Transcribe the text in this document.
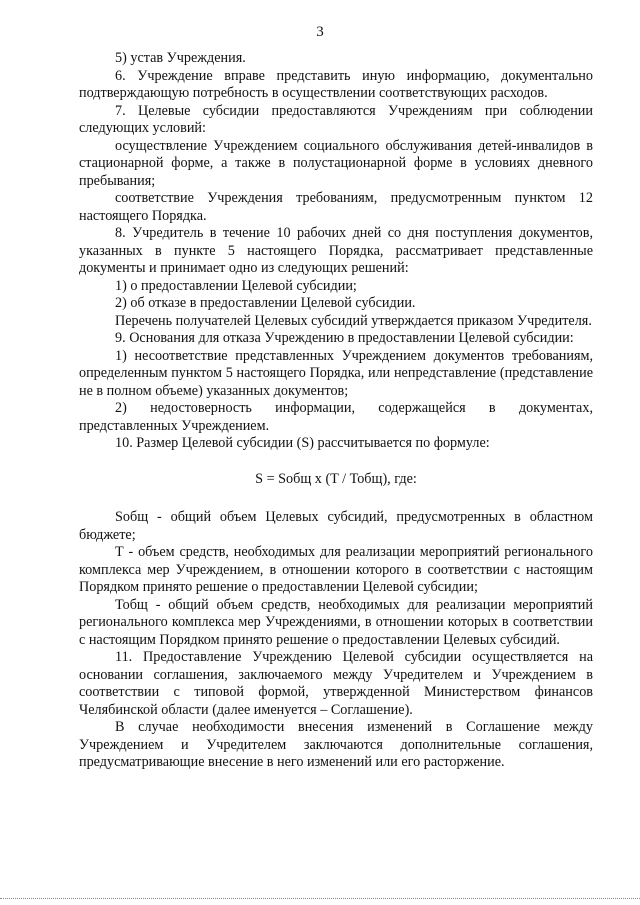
3

5) устав Учреждения.

6. Учреждение вправе представить иную информацию, документально подтверждающую потребность в осуществлении соответствующих расходов.

7. Целевые субсидии предоставляются Учреждениям при соблюдении следующих условий:

осуществление Учреждением социального обслуживания детей-инвалидов в стационарной форме, а также в полустационарной форме в условиях дневного пребывания;

соответствие Учреждения требованиям, предусмотренным пунктом 12 настоящего Порядка.

8. Учредитель в течение 10 рабочих дней со дня поступления документов, указанных в пункте 5 настоящего Порядка, рассматривает представленные документы и принимает одно из следующих решений:

1) о предоставлении Целевой субсидии;

2) об отказе в предоставлении Целевой субсидии.

Перечень получателей Целевых субсидий утверждается приказом Учредителя.

9. Основания для отказа Учреждению в предоставлении Целевой субсидии:

1) несоответствие представленных Учреждением документов требованиям, определенным пунктом 5 настоящего Порядка, или непредставление (представление не в полном объеме) указанных документов;

2) недостоверность информации, содержащейся в документах, представленных Учреждением.

10. Размер Целевой субсидии (S) рассчитывается по формуле:

S = Sобщ x (T / Тобщ), где:

Sобщ - общий объем Целевых субсидий, предусмотренных в областном бюджете;

Т - объем средств, необходимых для реализации мероприятий регионального комплекса мер Учреждением, в отношении которого в соответствии с настоящим Порядком принято решение о предоставлении Целевой субсидии;

Тобщ - общий объем средств, необходимых для реализации мероприятий регионального комплекса мер Учреждениями, в отношении которых в соответствии с настоящим Порядком принято решение о предоставлении Целевых субсидий.

11. Предоставление Учреждению Целевой субсидии осуществляется на основании соглашения, заключаемого между Учредителем и Учреждением в соответствии с типовой формой, утвержденной Министерством финансов Челябинской области (далее именуется – Соглашение).

В случае необходимости внесения изменений в Соглашение между Учреждением и Учредителем заключаются дополнительные соглашения, предусматривающие внесение в него изменений или его расторжение.
